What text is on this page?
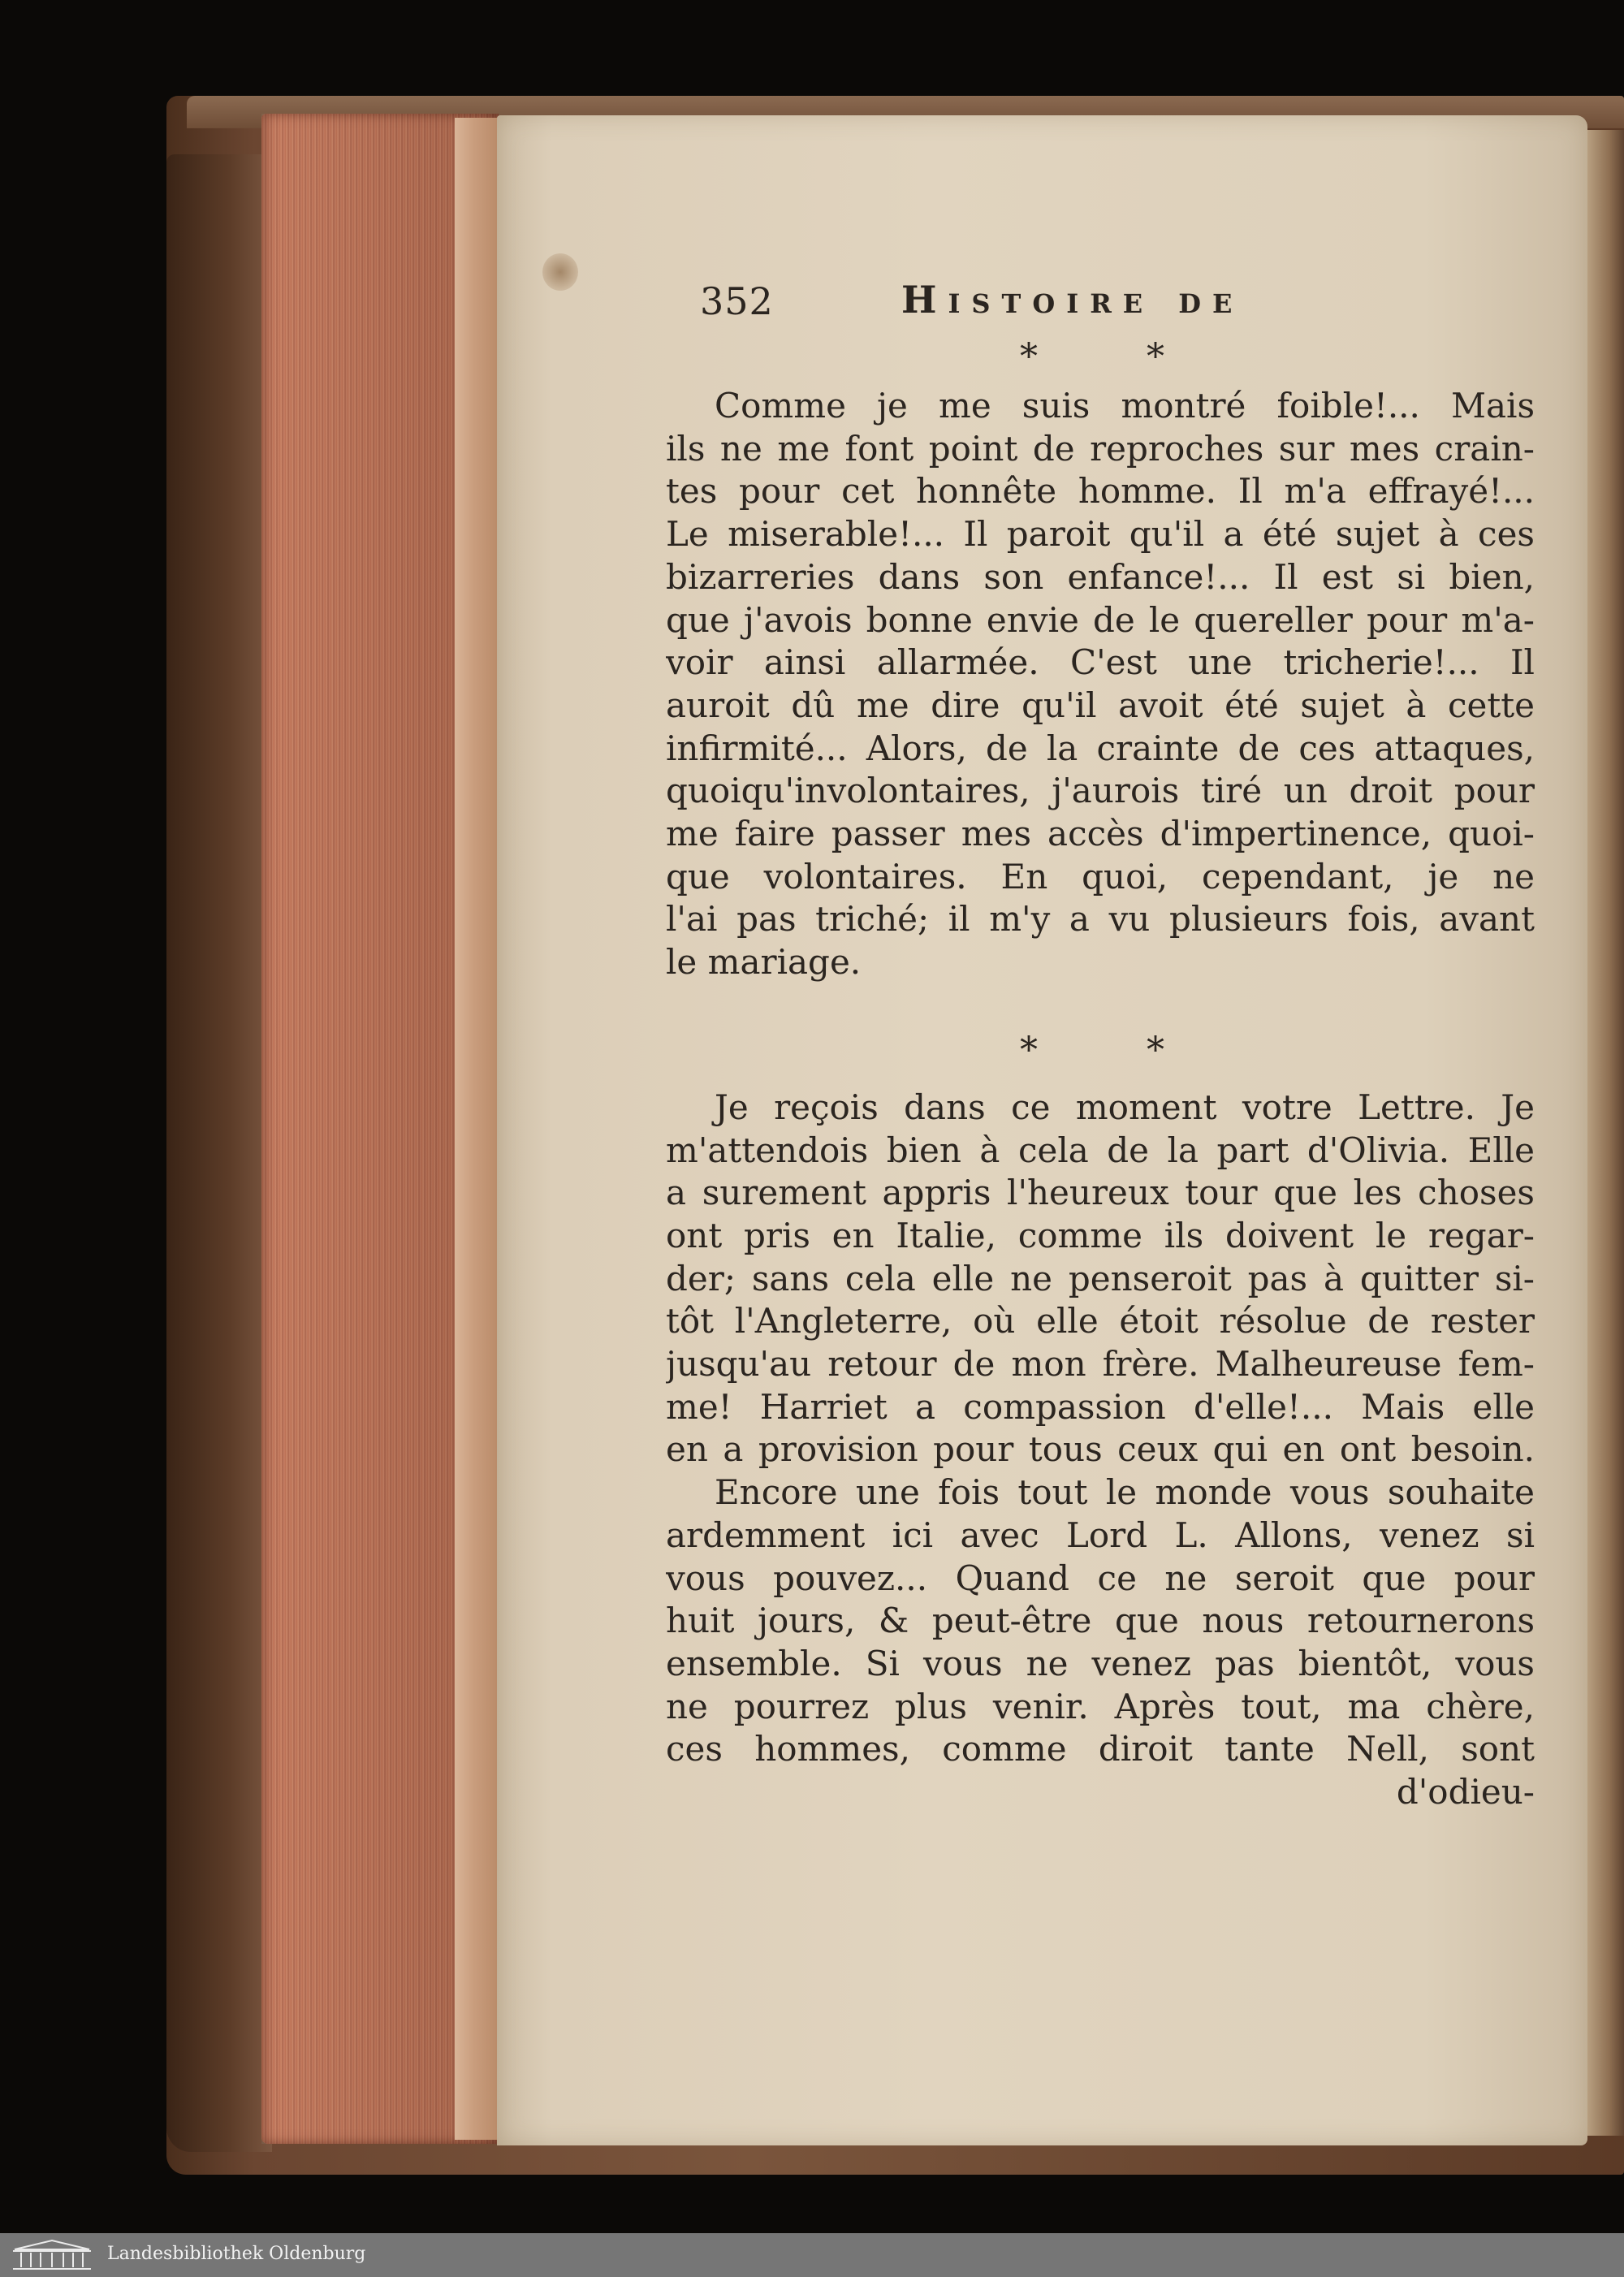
352	Histoire de
* *
Comme je me suis montré foible!... Mais
ils ne me font point de reproches sur mes crain-
tes pour cet honnête homme. Il m'a effrayé!...
Le miserable!... Il paroit qu'il a été sujet à ces
bizarreries dans son enfance!... Il est si bien,
que j'avois bonne envie de le quereller pour m'a-
voir ainsi allarmée. C'est une tricherie!... Il
auroit dû me dire qu'il avoit été sujet à cette
infirmité... Alors, de la crainte de ces attaques,
quoiqu'involontaires, j'aurois tiré un droit pour
me faire passer mes accès d'impertinence, quoi-
que volontaires. En quoi, cependant, je ne
l'ai pas triché; il m'y a vu plusieurs fois, avant
le mariage.
* *
Je reçois dans ce moment votre Lettre. Je
m'attendois bien à cela de la part d'Olivia. Elle
a surement appris l'heureux tour que les choses
ont pris en Italie, comme ils doivent le regar-
der; sans cela elle ne penseroit pas à quitter si-
tôt l'Angleterre, où elle étoit résolue de rester
jusqu'au retour de mon frère. Malheureuse fem-
me! Harriet a compassion d'elle!... Mais elle
en a provision pour tous ceux qui en ont besoin.
Encore une fois tout le monde vous souhaite
ardemment ici avec Lord L. Allons, venez si
vous pouvez... Quand ce ne seroit que pour
huit jours, & peut-être que nous retournerons
ensemble. Si vous ne venez pas bientôt, vous
ne pourrez plus venir. Après tout, ma chère,
ces hommes, comme diroit tante Nell, sont
d'odieu-
Landesbibliothek Oldenburg
